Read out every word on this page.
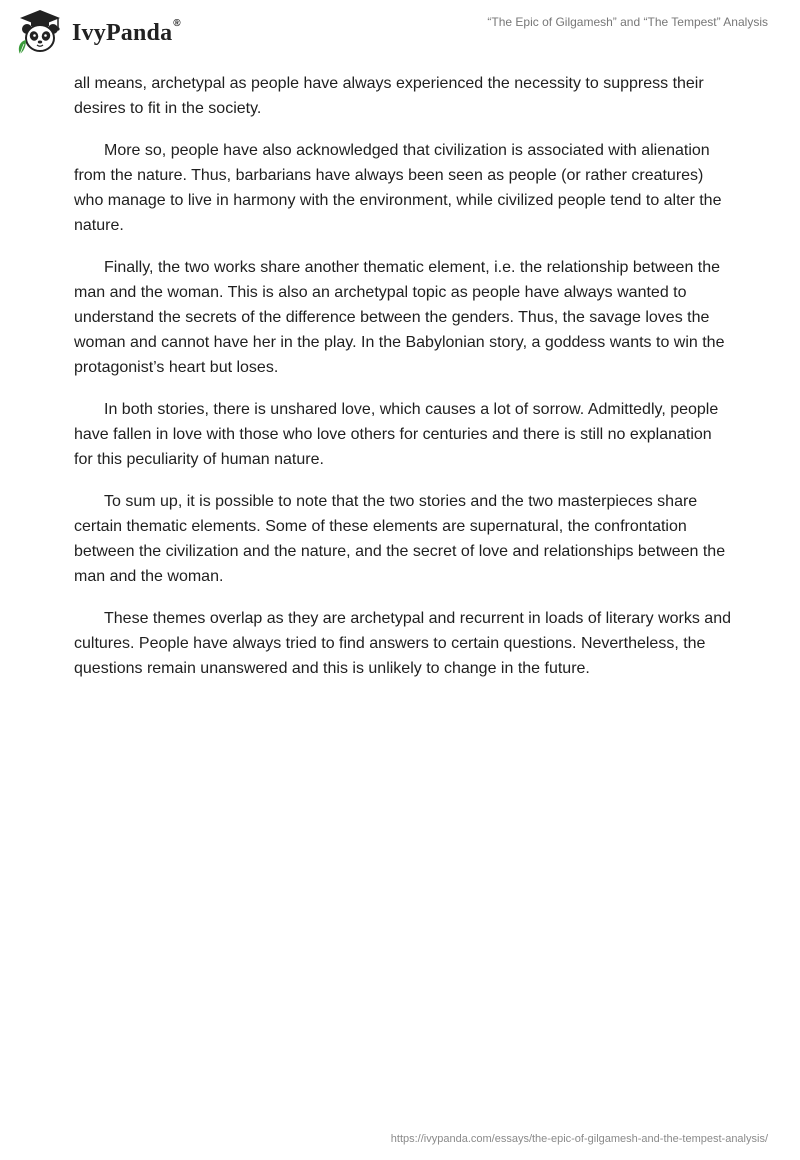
IvyPanda®	“The Epic of Gilgamesh” and “The Tempest” Analysis

all means, archetypal as people have always experienced the necessity to suppress their desires to fit in the society.

More so, people have also acknowledged that civilization is associated with alienation from the nature. Thus, barbarians have always been seen as people (or rather creatures) who manage to live in harmony with the environment, while civilized people tend to alter the nature.

Finally, the two works share another thematic element, i.e. the relationship between the man and the woman. This is also an archetypal topic as people have always wanted to understand the secrets of the difference between the genders. Thus, the savage loves the woman and cannot have her in the play. In the Babylonian story, a goddess wants to win the protagonist’s heart but loses.

In both stories, there is unshared love, which causes a lot of sorrow. Admittedly, people have fallen in love with those who love others for centuries and there is still no explanation for this peculiarity of human nature.

To sum up, it is possible to note that the two stories and the two masterpieces share certain thematic elements. Some of these elements are supernatural, the confrontation between the civilization and the nature, and the secret of love and relationships between the man and the woman.

These themes overlap as they are archetypal and recurrent in loads of literary works and cultures. People have always tried to find answers to certain questions. Nevertheless, the questions remain unanswered and this is unlikely to change in the future.

https://ivypanda.com/essays/the-epic-of-gilgamesh-and-the-tempest-analysis/
